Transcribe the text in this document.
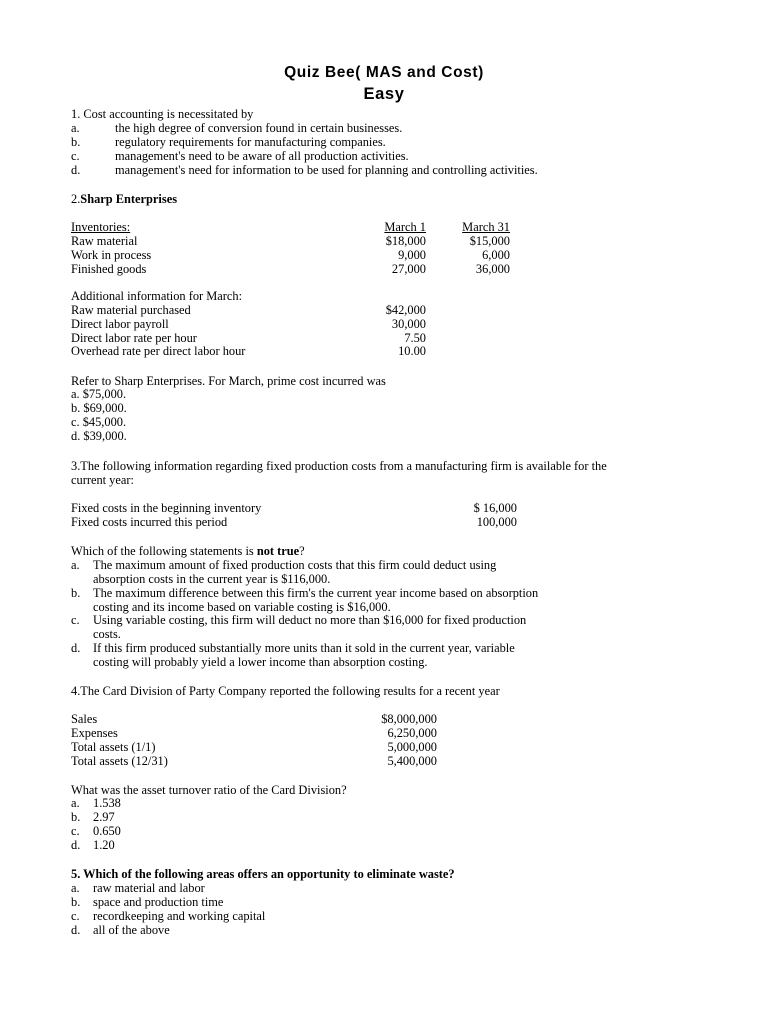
Quiz Bee( MAS and Cost)
Easy
1. Cost accounting is necessitated by
a.	the high degree of conversion found in certain businesses.
b.	regulatory requirements for manufacturing companies.
c.	management's need to be aware of all production activities.
d.	management's need for information to be used for planning and controlling activities.
2.Sharp Enterprises
Inventories:	March 1	March 31
Raw material	$18,000	$15,000
Work in process	9,000	6,000
Finished goods	27,000	36,000
Additional information for March:
Raw material purchased	$42,000
Direct labor payroll	30,000
Direct labor rate per hour	7.50
Overhead rate per direct labor hour	10.00
Refer to Sharp Enterprises. For March, prime cost incurred was
a. $75,000.
b. $69,000.
c. $45,000.
d. $39,000.
3.The following information regarding fixed production costs from a manufacturing firm is available for the
current year:
Fixed costs in the beginning inventory	$ 16,000
Fixed costs incurred this period	100,000
Which of the following statements is not true?
a. The maximum amount of fixed production costs that this firm could deduct using
absorption costs in the current year is $116,000.
b. The maximum difference between this firm's the current year income based on absorption
costing and its income based on variable costing is $16,000.
c. Using variable costing, this firm will deduct no more than $16,000 for fixed production
costs.
d. If this firm produced substantially more units than it sold in the current year, variable
costing will probably yield a lower income than absorption costing.
4.The Card Division of Party Company reported the following results for a recent year
Sales	$8,000,000
Expenses	6,250,000
Total assets (1/1)	5,000,000
Total assets (12/31)	5,400,000
What was the asset turnover ratio of the Card Division?
a. 1.538
b. 2.97
c. 0.650
d. 1.20
5. Which of the following areas offers an opportunity to eliminate waste?
a. raw material and labor
b. space and production time
c. recordkeeping and working capital
d. all of the above
